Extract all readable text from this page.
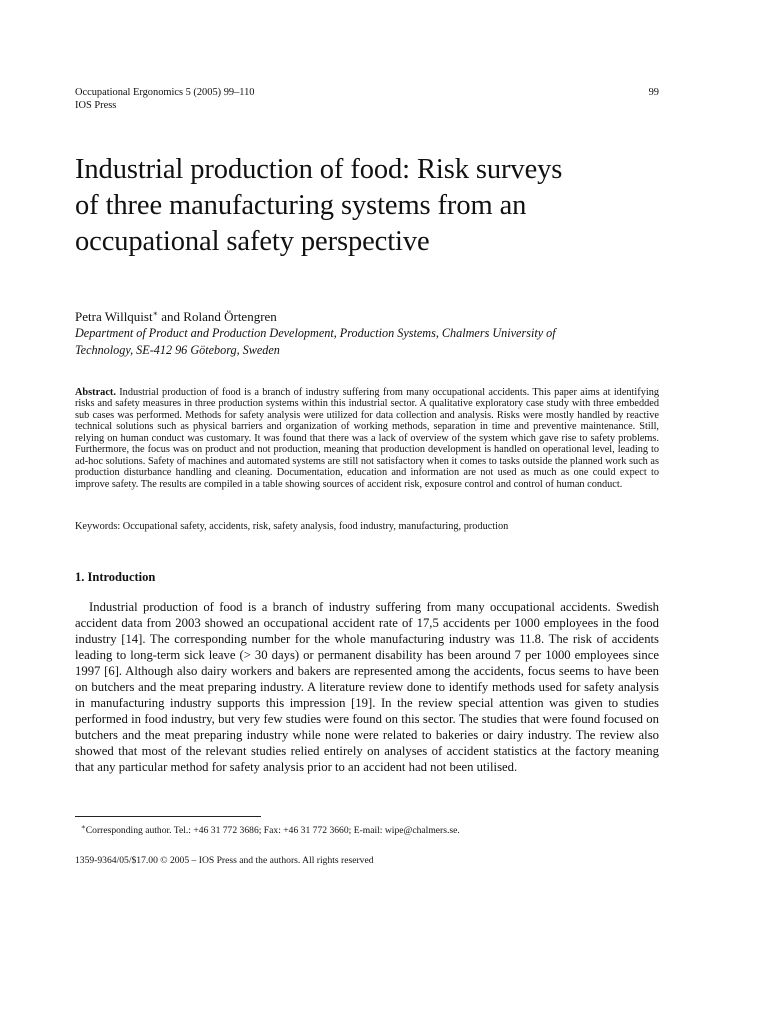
Occupational Ergonomics 5 (2005) 99–110
IOS Press
99
Industrial production of food: Risk surveys
of three manufacturing systems from an
occupational safety perspective
Petra Willquist∗ and Roland Örtengren
Department of Product and Production Development, Production Systems, Chalmers University of
Technology, SE-412 96 Göteborg, Sweden

Abstract. Industrial production of food is a branch of industry suffering from many occupational accidents. This paper aims at identifying risks and safety measures in three production systems within this industrial sector. A qualitative exploratory case study with three embedded sub cases was performed. Methods for safety analysis were utilized for data collection and analysis. Risks were mostly handled by reactive technical solutions such as physical barriers and organization of working methods, separation in time and preventive maintenance. Still, relying on human conduct was customary. It was found that there was a lack of overview of the system which gave rise to safety problems. Furthermore, the focus was on product and not production, meaning that production development is handled on operational level, leading to ad-hoc solutions. Safety of machines and automated systems are still not satisfactory when it comes to tasks outside the planned work such as production disturbance handling and cleaning. Documentation, education and information are not used as much as one could expect to improve safety. The results are compiled in a table showing sources of accident risk, exposure control and control of human conduct.

Keywords: Occupational safety, accidents, risk, safety analysis, food industry, manufacturing, production
1. Introduction

Industrial production of food is a branch of industry suffering from many occupational accidents. Swedish accident data from 2003 showed an occupational accident rate of 17,5 accidents per 1000 employees in the food industry [14]. The corresponding number for the whole manufacturing industry was 11.8. The risk of accidents leading to long-term sick leave (> 30 days) or permanent disability has been around 7 per 1000 employees since 1997 [6]. Although also dairy workers and bakers are represented among the accidents, focus seems to have been on butchers and the meat preparing industry. A literature review done to identify methods used for safety analysis in manufacturing industry supports this impression [19]. In the review special attention was given to studies performed in food industry, but very few studies were found on this sector. The studies that were found focused on butchers and the meat preparing industry while none were related to bakeries or dairy industry. The review also showed that most of the relevant studies relied entirely on analyses of accident statistics at the factory meaning that any particular method for safety analysis prior to an accident had not been utilised.

∗Corresponding author. Tel.: +46 31 772 3686; Fax: +46 31 772 3660; E-mail: wipe@chalmers.se.
1359-9364/05/$17.00 © 2005 – IOS Press and the authors. All rights reserved
